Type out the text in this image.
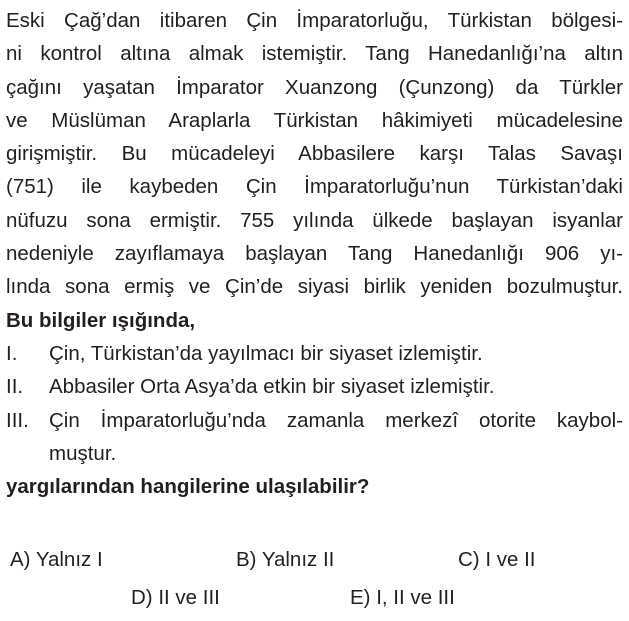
Eski Çağ’dan itibaren Çin İmparatorluğu, Türkistan bölgesi-
ni kontrol altına almak istemiştir. Tang Hanedanlığı’na altın
çağını yaşatan İmparator Xuanzong (Çunzong) da Türkler
ve Müslüman Araplarla Türkistan hâkimiyeti mücadelesine
girişmiştir. Bu mücadeleyi Abbasilere karşı Talas Savaşı
(751) ile kaybeden Çin İmparatorluğu’nun Türkistan’daki
nüfuzu sona ermiştir. 755 yılında ülkede başlayan isyanlar
nedeniyle zayıflamaya başlayan Tang Hanedanlığı 906 yı-
lında sona ermiş ve Çin’de siyasi birlik yeniden bozulmuştur.
Bu bilgiler ışığında,
I. Çin, Türkistan’da yayılmacı bir siyaset izlemiştir.
II. Abbasiler Orta Asya’da etkin bir siyaset izlemiştir.
III. Çin İmparatorluğu’nda zamanla merkezî otorite kaybol-
muştur.
yargılarından hangilerine ulaşılabilir?
A) Yalnız I	B) Yalnız II	C) I ve II
D) II ve III	E) I, II ve III
